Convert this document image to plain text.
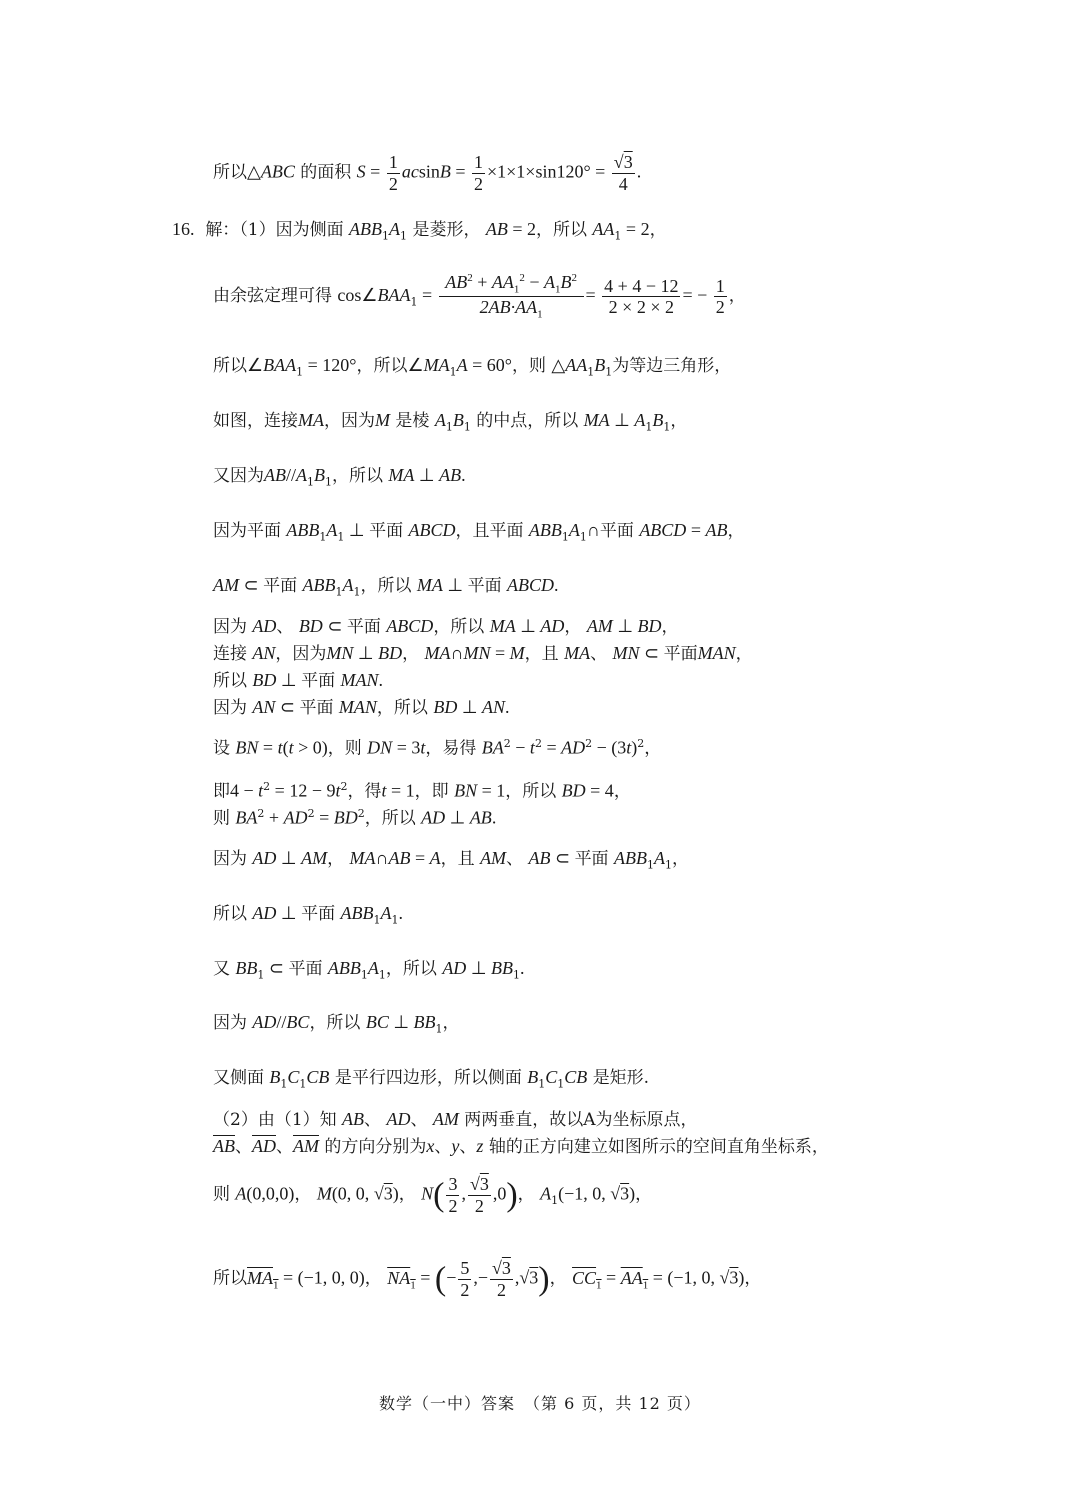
所以△ABC 的面积 $S = \frac{1}{2}$ $acsinB = \frac{1}{2} \times 1\times 1\times\sin 120^\circ = \frac{√3}{4}$ .
16. 解：（1）因为侧面 $ABB_1A_1$ 是菱形， AB = 2，所以 $AA_1 = 2$，
由余弦定理可得 $\cos\angle BAA_1 = \frac{AB^2 + AA_1^2 - A_1B^2}{2AB\cdot AA_1} = \frac{4 + 4 - 12}{2 \times 2 \times 2}$ = − $\frac{1}{2}$ ，
所以$\angle BAA_1 = 120^\circ$，所以$\angle MA_1A = 60^\circ$，则 $\triangle AA_1B_1$为等边三角形，
如图，连接MA，因为M 是棱 $A_1B_1$ 的中点，所以 MA ⊥ $A_1B_1$，
又因为$AB//A_1B_1$，所以 MA ⊥ AB.
因为平面 $ABB_1A_1$ ⊥ 平面 ABCD，且平面 $ABB_1A_1\cap$平面 ABCD = AB，
AM ⊂ 平面 $ABB_1A_1$，所以 MA ⊥ 平面 ABCD.
因为 AD、 BD ⊂ 平面 ABCD，所以 MA ⊥ AD， AM ⊥ BD，
连接 AN，因为MN ⊥ BD， MA∩MN = M，且 MA、 MN ⊂ 平面MAN，
所以 BD ⊥ 平面 MAN.
因为 AN ⊂ 平面 MAN，所以 BD ⊥ AN.
设 BN = t(t > 0)，则 DN = 3t，易得 $BA^2 - t^2 = AD^2 - (3t)^2$，
即$4 - t^2 = 12 - 9t^2$，得t = 1，即 BN = 1，所以 BD = 4，
则 $BA^2 + AD^2 = BD^2$，所以 AD ⊥ AB.
因为 AD ⊥ AM， MA∩AB = A，且 AM、 AB ⊂ 平面 $ABB_1A_1$，
所以 AD ⊥ 平面 $ABB_1A_1$.
又 $BB_1$ ⊂ 平面 $ABB_1A_1$，所以 AD ⊥ $BB_1$.
因为 AD//BC，所以 BC ⊥ $BB_1$，
又侧面 $B_1C_1CB$ 是平行四边形，所以侧面 $B_1C_1CB$ 是矩形.
（2）由（1）知 AB、 AD、 AM 两两垂直，故以A为坐标原点，
$\overline{AB}$、$\overline{AD}$、$\overline{AM}$ 的方向分别为x、y、z 轴的正方向建立如图所示的空间直角坐标系，
则 A(0,0,0)， M(0, 0, √3)， $N( \frac{3}{2}$ , $\frac{√3}{2} ,0$)， $A_1(-1$, 0, √3)，
所以$MA_1 = (-1$, 0, 0)， $NA_1$ = (− $\frac{5}{2}$ ,− $\frac{√3}{2} ,√3$)， $CC_1 = AA_1 = (-1$, 0, √3)，
数学（一中）答案　（第 6 页，共 12 页）
